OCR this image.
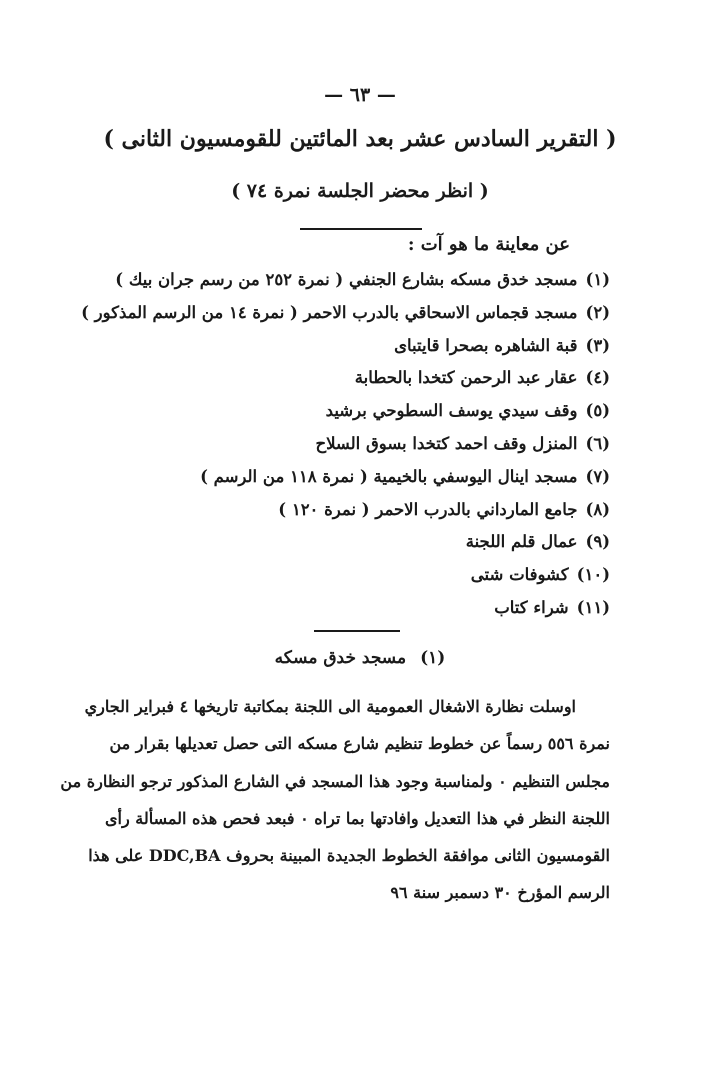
— ٦٣ —
( التقرير السادس عشر بعد المائتين للقومسيون الثانى )
( انظر محضر الجلسة نمرة ٧٤ )
عن معاينة ما هو آت :
(١)مسجد خدق مسكه بشارع الجنفي ( نمرة ٢٥٢ من رسم جران بيك )
(٢)مسجد قجماس الاسحاقي بالدرب الاحمر ( نمرة ١٤ من الرسم المذكور )
(٣)قبة الشاهره بصحرا قايتباى
(٤)عقار عبد الرحمن كتخدا بالحطابة
(٥)وقف سيدي يوسف السطوحي برشيد
(٦)المنزل وقف احمد كتخدا بسوق السلاح
(٧)مسجد اينال اليوسفي بالخيمية ( نمرة ١١٨ من الرسم )
(٨)جامع المارداني بالدرب الاحمر ( نمرة ١٢٠ )
(٩)عمال قلم اللجنة
(١٠)كشوفات شتى
(١١)شراء كتاب
(١)مسجد خدق مسكه
اوسلت نظارة الاشغال العمومية الى اللجنة بمكاتبة تاريخها ٤ فبراير الجاري
نمرة ٥٥٦ رسماً عن خطوط تنظيم شارع مسكه التى حصل تعديلها بقرار من
مجلس التنظيم ٠ ولمناسبة وجود هذا المسجد في الشارع المذكور ترجو النظارة من
اللجنة النظر في هذا التعديل وافادتها بما تراه ٠ فبعد فحص هذه المسألة رأى
القومسيون الثانى موافقة الخطوط الجديدة المبينة بحروف DDC,BA على هذا
الرسم المؤرخ ٣٠ دسمبر سنة ٩٦
